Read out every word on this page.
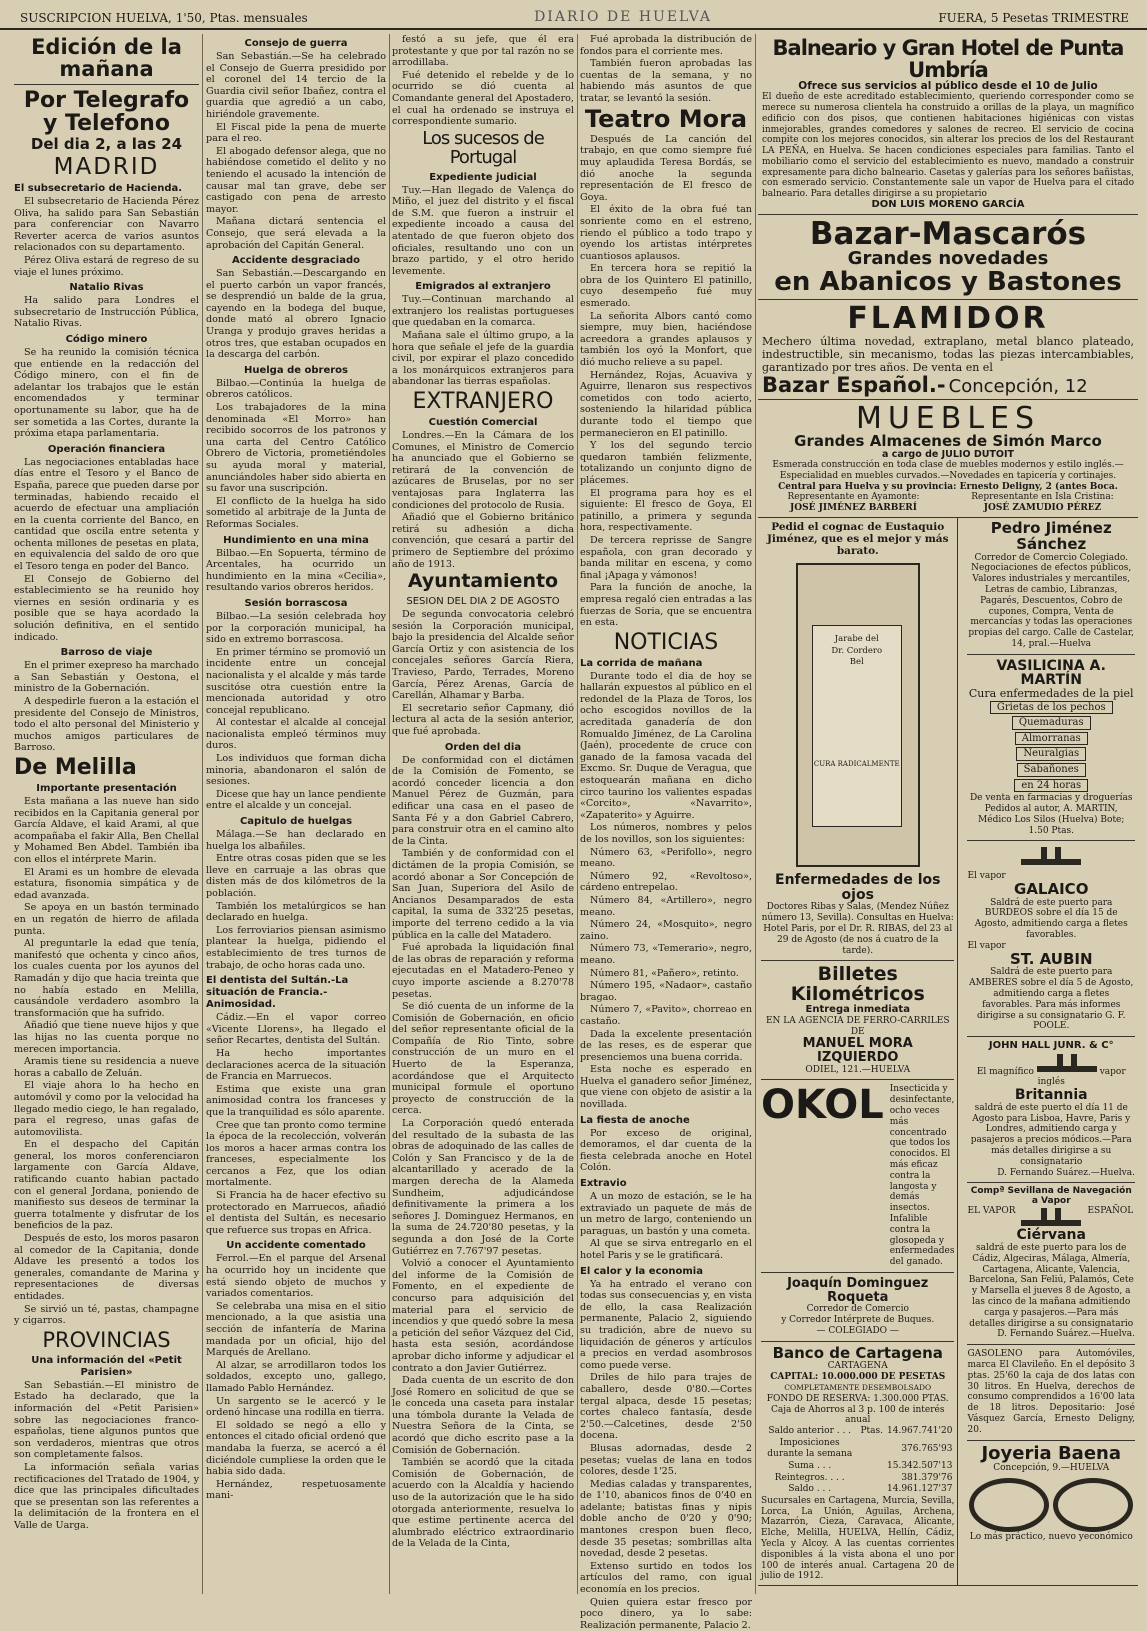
SUSCRIPCION HUELVA, 1'50, Ptas. mensuales	DIARIO DE HUELVA	FUERA, 5 Pesetas TRIMESTRE
Edición de la mañana
Por Telegrafo y Telefono
Del dia 2, a las 24
MADRID
El subsecretario de Hacienda.

El subsecretario de Hacienda Pérez Oliva, ha salido para San Sebastián para conferenciar con Navarro Reverter acerca de varios asuntos relacionados con su departamento.

Pérez Oliva estará de regreso de su viaje el lunes próximo.

Natalio Rivas

Ha salido para Londres el subsecretario de Instrucción Pública, Natalio Rivas.

Código minero

Se ha reunido la comisión técnica que entiende en la redacción del Código minero, con el fin de adelantar los trabajos que le están encomendados y terminar oportunamente su labor, que ha de ser sometida a las Cortes, durante la próxima etapa parlamentaria.

Operación financiera

Las negociaciones entabladas hace días entre el Tesoro y el Banco de España, parece que pueden darse por terminadas, habiendo recaido el acuerdo de efectuar una ampliación en la cuenta corriente del Banco, en cantidad que oscila entre setenta y ochenta millones de pesetas en plata, en equivalencia del saldo de oro que el Tesoro tenga en poder del Banco.

El Consejo de Gobierno del establecimiento se ha reunido hoy viernes en sesión ordinaria y es posible que se haya acordado la solución definitiva, en el sentido indicado.

Barroso de viaje

En el primer exepreso ha marchado a San Sebastián y Oestona, el ministro de la Gobernación.

A despedirle fueron a la estación el presidente del Consejo de Ministros, todo el alto personal del Ministerio y muchos amigos particulares de Barroso.

De Melilla
Importante presentación

Esta mañana a las nueve han sido recibidos en la Capitania general por García Aldave, el kaid Arami, al que acompañaba el fakir Alla, Ben Chellal y Mohamed Ben Abdel. También iba con ellos el intérprete Marin.

El Arami es un hombre de elevada estatura, fisonomia simpática y de edad avanzada.

Se apoya en un bastón terminado en un regatón de hierro de afilada punta.

Al preguntarle la edad que tenía, manifestó que ochenta y cinco años, los cuales cuenta por los ayunos del Ramadán y dijo que hacia treinta que no había estado en Melilla, causándole verdadero asombro la transformación que ha sufrido.

Añadió que tiene nueve hijos y que las hijas no las cuenta porque no merecen importancia.

Aramis tiene su residencia a nueve horas a caballo de Zeluán.

El viaje ahora lo ha hecho en automóvil y como por la velocidad ha llegado medio ciego, le han regalado, para el regreso, unas gafas de automovilista.

En el despacho del Capitán general, los moros conferenciaron largamente con García Aldave, ratificando cuanto habian pactado con el general Jordana, poniendo de manifiesto sus deseos de terminar la guerra totalmente y disfrutar de los beneficios de la paz.

Después de esto, los moros pasaron al comedor de la Capitania, donde Aldave les presentó a todos los generales, comandante de Marina y representaciones de diversas entidades.

Se sirvió un té, pastas, champagne y cigarros.

PROVINCIAS
Una información del «Petit Parisien»

San Sebastián.—El ministro de Estado ha declarado, que la información del «Petit Parisien» sobre las negociaciones franco-españolas, tiene algunos puntos que son verdaderos, mientras que otros son completamente falsos.

La información señala varias rectificaciones del Tratado de 1904, y dice que las principales dificultades que se presentan son las referentes a la delimitación de la frontera en el Valle de Uarga.

Consejo de guerra

San Sebastián.—Se ha celebrado el Consejo de Guerra presidido por el coronel del 14 tercio de la Guardia civil señor Ibañez, contra el guardia que agredió a un cabo, hiriéndole gravemente.

El Fiscal pide la pena de muerte para el reo.

El abogado defensor alega, que no habiéndose cometido el delito y no teniendo el acusado la intención de causar mal tan grave, debe ser castigado con pena de arresto mayor.

Mañana dictará sentencia el Consejo, que será elevada a la aprobación del Capitán General.

Accidente desgraciado

San Sebastián.—Descargando en el puerto carbón un vapor francés, se desprendió un balde de la grua, cayendo en la bodega del buque, donde mató al obrero Ignacio Uranga y produjo graves heridas a otros tres, que estaban ocupados en la descarga del carbón.

Huelga de obreros

Bilbao.—Continúa la huelga de obreros católicos.

Los trabajadores de la mina denominada «El Morro» han recibido socorros de los patronos y una carta del Centro Católico Obrero de Victoria, prometiéndoles su ayuda moral y material, anunciándoles haber sido abierta en su favor una suscripción.

El conflicto de la huelga ha sido sometido al arbitraje de la Junta de Reformas Sociales.

Hundimiento en una mina

Bilbao.—En Sopuerta, término de Arcentales, ha ocurrido un hundimiento en la mina «Cecilia», resultando varios obreros heridos.

Sesión borrascosa

Bilbao.—La sesión celebrada hoy por la corporación municipal, ha sido en extremo borrascosa.

En primer término se promovió un incidente entre un concejal nacionalista y el alcalde y más tarde suscitóse otra cuestión entre la mencionada autoridad y otro concejal republicano.

Al contestar el alcalde al concejal nacionalista empleó términos muy duros.

Los individuos que forman dicha minoria, abandonaron el salón de sesiones.

Dicese que hay un lance pendiente entre el alcalde y un concejal.

Capitulo de huelgas

Málaga.—Se han declarado en huelga los albañiles.

Entre otras cosas piden que se les lleve en carruaje a las obras que disten más de dos kilómetros de la población.

También los metalúrgicos se han declarado en huelga.

Los ferroviarios piensan asimismo plantear la huelga, pidiendo el establecimiento de tres turnos de trabajo, de ocho horas cada uno.

El dentista del Sultán.-La situación de Francia.-Animosidad.

Cádiz.—En el vapor correo «Vicente Llorens», ha llegado el señor Recartes, dentista del Sultán.

Ha hecho importantes declaraciones acerca de la situación de Francia en Marruecos.

Estima que existe una gran animosidad contra los franceses y que la tranquilidad es sólo aparente.

Cree que tan pronto como termine la época de la recolección, volverán los moros a hacer armas contra los franceses, especialmente los cercanos a Fez, que los odian mortalmente.

Si Francia ha de hacer efectivo su protectorado en Marruecos, añadió el dentista del Sultán, es necesario que refuerce sus tropas en Africa.

Un accidente comentado

Ferrol.—En el parque del Arsenal ha ocurrido hoy un incidente que está siendo objeto de muchos y variados comentarios.

Se celebraba una misa en el sitio mencionado, a la que asistia una sección de infantería de Marina mandada por un oficial, hijo del Marqués de Arellano.

Al alzar, se arrodillaron todos los soldados, excepto uno, gallego, llamado Pablo Hernández.

Un sargento se le acercó y le ordenó hincase una rodilla en tierra.

El soldado se negó a ello y entonces el citado oficial ordenó que mandaba la fuerza, se acercó a él diciéndole cumpliese la orden que le habia sido dada.

Hernández, respetuosamente mani-

festó a su jefe, que él era protestante y que por tal razón no se arrodillaba.

Fué detenido el rebelde y de lo ocurrido se dió cuenta al Comandante general del Apostadero, el cual ha ordenado se instruya el correspondiente sumario.

Los sucesos de Portugal
Expediente judicial

Tuy.—Han llegado de Valença do Miño, el juez del distrito y el fiscal de S.M. que fueron a instruir el expediente incoado a causa del atentado de que fueron objeto dos oficiales, resultando uno con un brazo partido, y el otro herido levemente.

Emigrados al extranjero

Tuy.—Continuan marchando al extranjero los realistas portugueses que quedaban en la comarca.

Mañana sale el último grupo, a la hora que señale el jefe de la guardia civil, por expirar el plazo concedido a los monárquicos extranjeros para abandonar las tierras españolas.

EXTRANJERO
Cuestión Comercial

Londres.—En la Cámara de los Comunes, el Ministro de Comercio ha anunciado que el Gobierno se retirará de la convención de azúcares de Bruselas, por no ser ventajosas para Inglaterra las condiciones del protocolo de Rusia.

Añadió que el Gobierno británico retirá su adhesión a dicha convención, que cesará a partir del primero de Septiembre del próximo año de 1913.

Ayuntamiento
SESION DEL DIA 2 DE AGOSTO

De segunda convocatoria celebró sesión la Corporación municipal, bajo la presidencia del Alcalde señor García Ortiz y con asistencia de los concejales señores García Riera, Travieso, Pardo, Terrades, Moreno García, Pérez Arenas, García de Carellán, Alhamar y Barba.

El secretario señor Capmany, dió lectura al acta de la sesión anterior, que fué aprobada.

Orden del dia

De conformidad con el dictámen de la Comisión de Fomento, se acordó conceder licencia a don Manuel Pérez de Guzmán, para edificar una casa en el paseo de Santa Fé y a don Gabriel Cabrero, para construir otra en el camino alto de la Cinta.

También y de conformidad con el dictámen de la propia Comisión, se acordó abonar a Sor Concepción de San Juan, Superiora del Asilo de Ancianos Desamparados de esta capital, la suma de 332'25 pesetas, importe del terreno cedido a la via pública en la calle del Matadero.

Fué aprobada la liquidación final de las obras de reparación y reforma ejecutadas en el Matadero-Peneo y cuyo importe asciende a 8.270'78 pesetas.

Se dió cuenta de un informe de la Comisión de Gobernación, en oficio del señor representante oficial de la Compañía de Rio Tinto, sobre construcción de un muro en el Huerto de la Esperanza, acordándose que el Arquitecto municipal formule el oportuno proyecto de construcción de la cerca.

La Corporación quedó enterada del resultado de la subasta de las obras de adoquinado de las calles de Colón y San Francisco y de la de alcantarillado y acerado de la margen derecha de la Alameda Sundheim, adjudicándose definitivamente la primera a los señores J. Dominguez Hermanos, en la suma de 24.720'80 pesetas, y la segunda a don José de la Corte Gutiérrez en 7.767'97 pesetas.

Volvió a conocer el Ayuntamiento del informe de la Comisión de Fomento, en el expediente de concurso para adquisición del material para el servicio de incendios y que quedó sobre la mesa a petición del señor Vázquez del Cid, hasta esta sesión, acordándose aprobar dicho informe y adjudicar el contrato a don Javier Gutiérrez.

Dada cuenta de un escrito de don José Romero en solicitud de que se le conceda una caseta para instalar una tómbola durante la Velada de Nuestra Señora de la Cinta, se acordó que dicho escrito pase a la Comisión de Gobernación.

También se acordó que la citada Comisión de Gobernación, de acuerdo con la Alcaldía y haciendo uso de la autorización que le ha sido otorgada anteriormente, resuelva lo que estime pertinente acerca del alumbrado eléctrico extraordinario de la Velada de la Cinta,

Fué aprobada la distribución de fondos para el corriente mes.

También fueron aprobadas las cuentas de la semana, y no habiendo más asuntos de que tratar, se levantó la sesión.

Teatro Mora

Después de La canción del trabajo, en que como siempre fué muy aplaudida Teresa Bordás, se dió anoche la segunda representación de El fresco de Goya.

El éxito de la obra fué tan sonriente como en el estreno, riendo el público a todo trapo y oyendo los artistas intérpretes cuantiosos aplausos.

En tercera hora se repitió la obra de los Quintero El patinillo, cuyo desempeño fué muy esmerado.

La señorita Albors cantó como siempre, muy bien, haciéndose acreedora a grandes aplausos y también los oyó la Monfort, que dió mucho relieve a su papel.

Hernández, Rojas, Acuaviva y Aguirre, llenaron sus respectivos cometidos con todo acierto, sosteniendo la hilaridad pública durante todo el tiempo que permanecieron en El patinillo.

Y los del segundo tercio quedaron también felizmente, totalizando un conjunto digno de plácemes.

El programa para hoy es el siguiente: El fresco de Goya, El patinillo, a primera y segunda hora, respectivamente.

De tercera reprisse de Sangre española, con gran decorado y banda militar en escena, y como final ¡Apaga y vámonos!

Para la función de anoche, la empresa regaló cien entradas a las fuerzas de Soria, que se encuentra en esta.

NOTICIAS
La corrida de mañana

Durante todo el dia de hoy se hallarán expuestos al público en el redondel de la Plaza de Toros, los ocho escogidos novillos de la acreditada ganadería de don Romualdo Jiménez, de La Carolina (Jaén), procedente de cruce con ganado de la famosa vacada del Excmo. Sr. Duque de Veragua, que estoquearán mañana en dicho circo taurino los valientes espadas «Corcito», «Navarrito», «Zapaterito» y Aguirre.

Los números, nombres y pelos de los novillos, son los siguientes:

Número 63, «Perifollo», negro meano.

Número 92, «Revoltoso», cárdeno entrepelao.

Número 84, «Artillero», negro meano.

Número 24, «Mosquito», negro zaino.

Número 73, «Temerario», negro, meano.

Número 81, «Pañero», retinto.

Número 195, «Nadaor», castaño bragao.

Número 7, «Pavito», chorreao en castaño.

Dada la excelente presentación de las reses, es de esperar que presenciemos una buena corrida.

Esta noche es esperado en Huelva el ganadero señor Jiménez, que viene con objeto de asistir a la novillada.

La fiesta de anoche

Por exceso de original, demoramos, el dar cuenta de la fiesta celebrada anoche en Hotel Colón.

Extravio

A un mozo de estación, se le ha extraviado un paquete de más de un metro de largo, conteniendo un paraguas, un bastón y una cometa.

Al que se sirva entregarlo en el hotel Paris y se le gratificará.

El calor y la economia

Ya ha entrado el verano con todas sus consecuencias y, en vista de ello, la casa Realización permanente, Palacio 2, siguiendo su tradición, abre de nuevo su liquidación de géneros y artículos a precios en verdad asombrosos como puede verse.

Driles de hilo para trajes de caballero, desde 0'80.—Cortes tergal alpaca, desde 15 pesetas; cortes chaleco fantasía, desde 2'50.—Calcetines, desde 2'50 docena.

Blusas adornadas, desde 2 pesetas; vuelas de lana en todos colores, desde 1'25.

Medias caladas y transparentes, de 1'10, abanicos finos de 0'40 en adelante; batistas finas y nipis doble ancho de 0'20 y 0'90; mantones crespon buen fleco, desde 35 pesetas; sombrillas alta novedad, desde 2 pesetas.

Extenso surtido en todos los artículos del ramo, con igual economía en los precios.

Quien quiera estar fresco por poco dinero, ya lo sabe: Realización permanente, Palacio 2.

Balneario y Gran Hotel de Punta Umbría
Ofrece sus servicios al público desde el 10 de Julio
El dueño de este acreditado establecimiento, queriendo corresponder como se merece su numerosa clientela ha construido a orillas de la playa, un magnífico edificio con dos pisos, que contienen habitaciones higiénicas con vistas inmejorables, grandes comedores y salones de recreo. El servicio de cocina compite con los mejores conocidos, sin alterar los precios de los del Restaurant LA PEÑA, en Huelva. Se hacen condiciones especiales para familias. Tanto el mobiliario como el servicio del establecimiento es nuevo, mandado a construir expresamente para dicho balneario. Casetas y galerías para los señores bañistas, con esmerado servicio. Constantemente sale un vapor de Huelva para el citado balneario. Para detalles dirigirse a su propietario
DON LUIS MORENO GARCÍA
Bazar-Mascarós
Grandes novedades
en Abanicos y Bastones
FLAMIDOR
Mechero última novedad, extraplano, metal blanco plateado, indestructible, sin mecanismo, todas las piezas intercambiables, garantizado por tres años. De venta en el
Bazar Español.- Concepción, 12
MUEBLES
Grandes Almacenes de Simón Marco
a cargo de JULIO DUTOIT
Esmerada construcción en toda clase de muebles modernos y estilo inglés.—Especialidad en muebles curvados.—Novedades en tapicería y cortinajes.
Central para Huelva y su provincia: Ernesto Deligny, 2 (antes Boca.
Representante en Ayamonte:
JOSÉ JIMÉNEZ BARBERÍ
Representante en Isla Cristina:
JOSÉ ZAMUDIO PÉREZ
Pedid el cognac de Eustaquio Jiménez, que es el mejor y más barato.
Jarabe del
Dr. Cordero
Bel
CURA RADICALMENTE
Enfermedades de los ojos
Doctores Ribas y Salas, (Mendez Núñez número 13, Sevilla). Consultas en Huelva: Hotel Paris, por el Dr. R. RIBAS, del 23 al 29 de Agosto (de nos á cuatro de la tarde).
Billetes Kilométricos
Entrega inmediata
EN LA AGENCIA DE FERRO-CARRILES DE
MANUEL MORA IZQUIERDO
ODIEL, 121.—HUELVA
OKOL Insecticida y desinfectante, ocho veces más concentrado que todos los conocidos. El más eficaz contra la langosta y demás insectos. Infalible contra la glosopeda y enfermedades del ganado.
Joaquín Dominguez Roqueta
Corredor de Comercio
y Corredor Intérprete de Buques.
— COLEGIADO —
Banco de Cartagena
CARTAGENA
CAPITAL: 10.000.000 DE PESETAS
COMPLETAMENTE DESEMBOLSADO
FONDO DE RESERVA: 1.300.000 PTAS.
Caja de Ahorros al 3 p. 100 de interés anual
Saldo anterior . . .	Ptas.	14.967.741'20
Imposiciones durante la semana		376.765'93
Suma . . .		15.342.507'13
Reintegros. . . .		381.379'76
Saldo . . .		14.961.127'37
Sucursales en Cartagena, Murcia, Sevilla, Lorca, La Unión, Aguilas, Archena, Mazarrón, Cieza, Caravaca, Alicante, Elche, Melilla, HUELVA, Hellín, Cádiz, Yecla y Alcoy. A las cuentas corrientes disponibles á la vista abona el uno por 100 de interés anual. Cartagena 20 de julio de 1912.
Pedro Jiménez Sánchez
Corredor de Comercio Colegiado. Negociaciones de efectos públicos, Valores industriales y mercantiles, Letras de cambio, Libranzas, Pagarés, Descuentos, Cobro de cupones, Compra, Venta de mercancías y todas las operaciones propias del cargo. Calle de Castelar, 14, pral.—Huelva
VASILICINA A. MARTÍN
Cura enfermedades de la piel
Grietas de los pechos
Quemaduras
Almorranas
Neuralgias
Sabañones
en 24 horas
De venta en farmacias y droguerías Pedidos al autor, A. MARTIN, Médico Los Silos (Huelva) Bote; 1.50 Ptas.
El vapor
GALAICO
Saldrá de este puerto para BURDEOS sobre el día 15 de Agosto, admitiendo carga a fletes favorables.
El vapor
ST. AUBIN
Saldrá de este puerto para AMBERES sobre el día 5 de Agosto, admitiendo carga a fletes favorables. Para más informes dirigirse a su consignatario G. F. POOLE.
JOHN HALL JUNR. & C°
El magnífico	vapor inglés
Britannia
saldrá de este puerto el día 11 de Agosto para Lisboa, Havre, Paris y Londres, admitiendo carga y pasajeros a precios módicos.—Para más detalles dirigirse a su consignatario
D. Fernando Suárez.—Huelva.
Compª Sevillana de Navegación a Vapor
EL VAPOR	ESPAÑOL
Ciérvana
saldrá de este puerto para los de Cádiz, Algeciras, Málaga, Almería, Cartagena, Alicante, Valencia, Barcelona, San Feliú, Palamós, Cete y Marsella el jueves 8 de Agosto, a las cinco de la mañana admitiendo carga y pasajeros.—Para más detalles dirigirse a su consignatario
D. Fernando Suárez.—Huelva.
GASOLENO para Automóviles, marca El Clavileño. En el depósito 3 ptas. 25'60 la caja de dos latas con 30 litros. En Huelva, derechos de consumo comprendidos a 16'00 lata de 18 litros. Depositario: José Vásquez García, Ernesto Deligny, 20.
Joyeria Baena
Concepción, 9.—HUELVA
Lo más práctico, nuevo yeconómico
